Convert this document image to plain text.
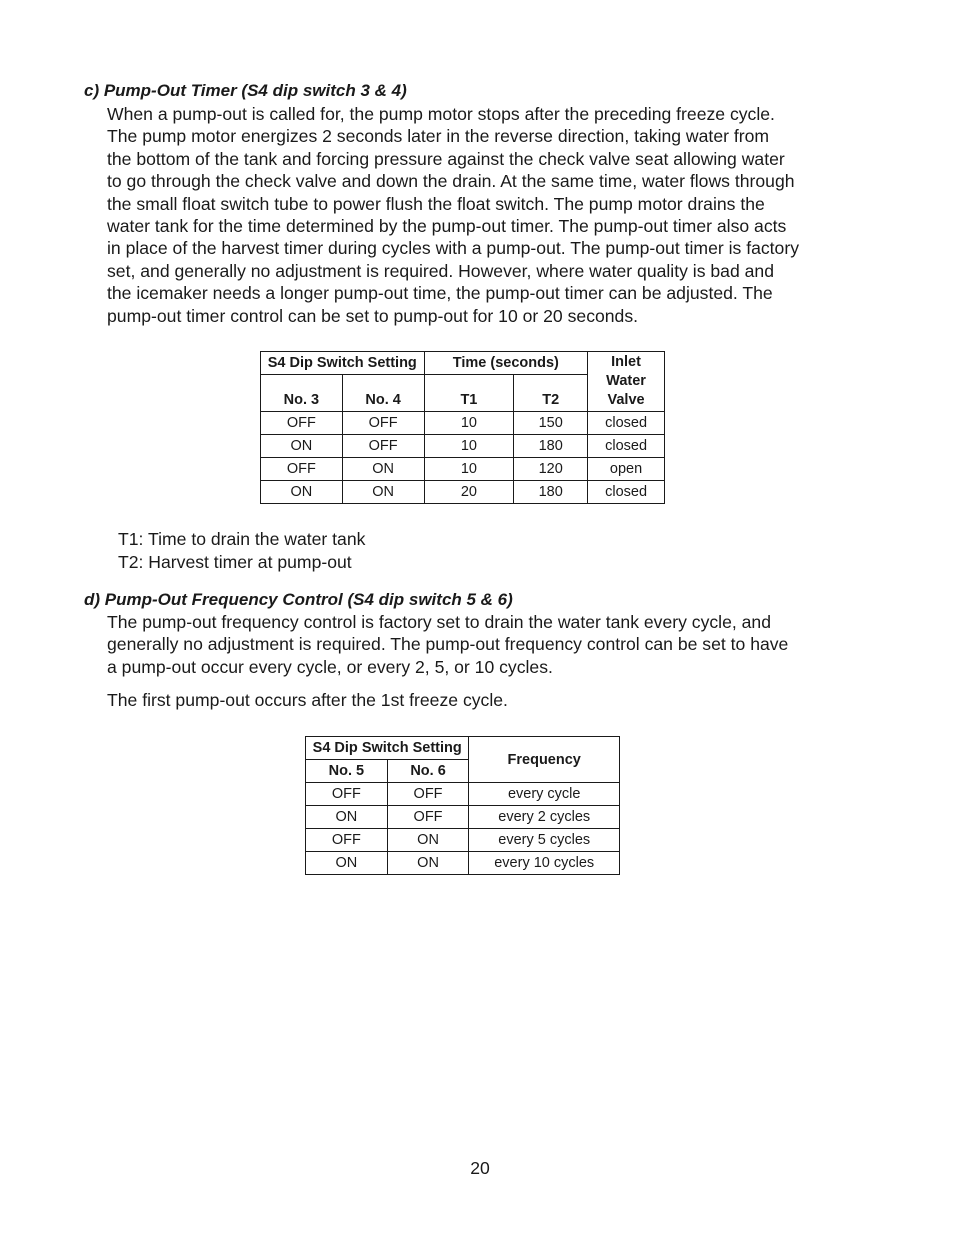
c) Pump-Out Timer (S4 dip switch 3 & 4)

When a pump-out is called for, the pump motor stops after the preceding freeze cycle.
The pump motor energizes 2 seconds later in the reverse direction, taking water from
the bottom of the tank and forcing pressure against the check valve seat allowing water
to go through the check valve and down the drain. At the same time, water flows through
the small float switch tube to power flush the float switch. The pump motor drains the
water tank for the time determined by the pump-out timer. The pump-out timer also acts
in place of the harvest timer during cycles with a pump-out. The pump-out timer is factory
set, and generally no adjustment is required. However, where water quality is bad and
the icemaker needs a longer pump-out time, the pump-out timer can be adjusted. The
pump-out timer control can be set to pump-out for 10 or 20 seconds.

S4 Dip Switch Setting		Time (seconds)		Inlet
Water
Valve

No. 3	No. 4	T1	T2	
OFF	OFF	10	150	closed
ON	OFF	10	180	closed
OFF	ON	10	120	open
ON	ON	20	180	closed

T1: Time to drain the water tank
T2: Harvest timer at pump-out

d) Pump-Out Frequency Control (S4 dip switch 5 & 6)

The pump-out frequency control is factory set to drain the water tank every cycle, and
generally no adjustment is required. The pump-out frequency control can be set to have
a pump-out occur every cycle, or every 2, 5, or 10 cycles.

The first pump-out occurs after the 1st freeze cycle.

S4 Dip Switch Setting		Frequency
No. 5	No. 6	
OFF	OFF	every cycle
ON	OFF	every 2 cycles
OFF	ON	every 5 cycles
ON	ON	every 10 cycles
20
